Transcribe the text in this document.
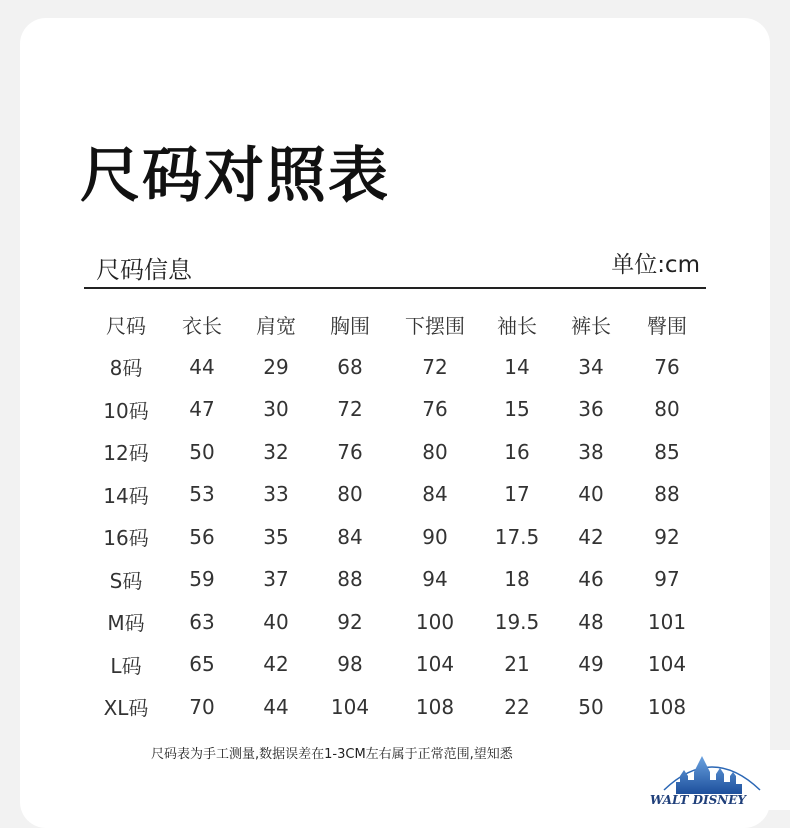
尺码对照表
尺码信息	单位:cm
尺码	衣长	肩宽	胸围	下摆围	袖长	裤长	臀围
8码	44	29	68	72	14	34	76
10码	47	30	72	76	15	36	80
12码	50	32	76	80	16	38	85
14码	53	33	80	84	17	40	88
16码	56	35	84	90	17.5	42	92
S码	59	37	88	94	18	46	97
M码	63	40	92	100	19.5	48	101
L码	65	42	98	104	21	49	104
XL码	70	44	104	108	22	50	108
尺码表为手工测量,数据误差在1-3CM左右属于正常范围,望知悉
WALT DISNEY
